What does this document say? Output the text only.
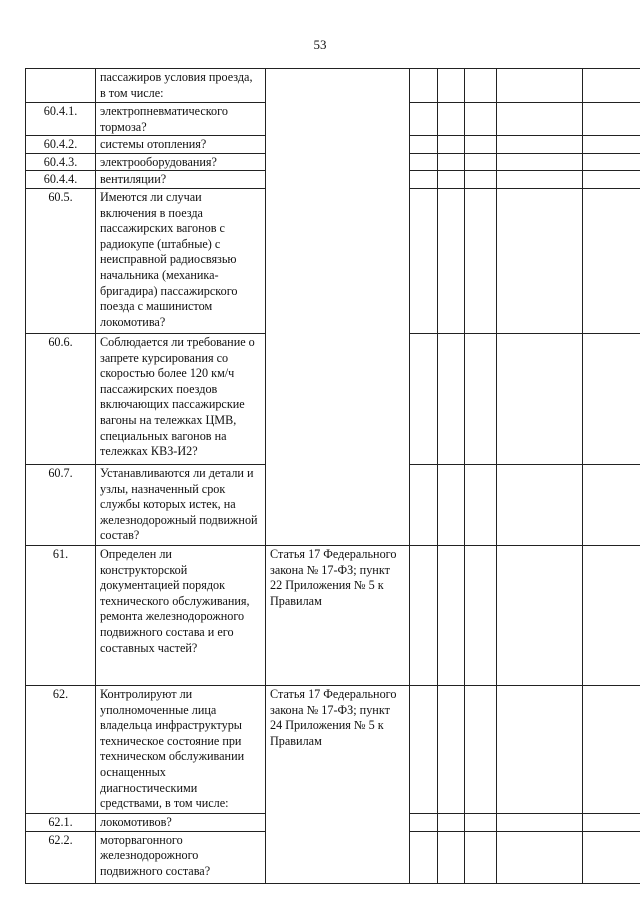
53
	пассажиров условия проезда, в том числе:						
60.4.1.	электропневматического тормоза?						
60.4.2.	системы отопления?						
60.4.3.	электрооборудования?						
60.4.4.	вентиляции?						
60.5.	Имеются ли случаи включения в поезда пассажирских вагонов с радиокупе (штабные) с неисправной радиосвязью начальника (механика-бригадира) пассажирского поезда с машинистом локомотива?						
60.6.	Соблюдается ли требование о запрете курсирования со скоростью более 120 км/ч пассажирских поездов включающих пассажирские вагоны на тележках ЦМВ, специальных вагонов на тележках КВЗ-И2?						
60.7.	Устанавливаются ли детали и узлы, назначенный срок службы которых истек, на железнодорожный подвижной состав?						
61.	Определен ли конструкторской документацией порядок технического обслуживания, ремонта железнодорожного подвижного состава и его составных частей?	Статья 17 Федерального закона № 17-ФЗ; пункт 22 Приложения № 5 к Правилам					
62.	Контролируют ли уполномоченные лица владельца инфраструктуры техническое состояние при техническом обслуживании оснащенных диагностическими средствами, в том числе:	Статья 17 Федерального закона № 17-ФЗ; пункт 24 Приложения № 5 к Правилам					
62.1.	локомотивов?						
62.2.	моторвагонного железнодорожного подвижного состава?						
